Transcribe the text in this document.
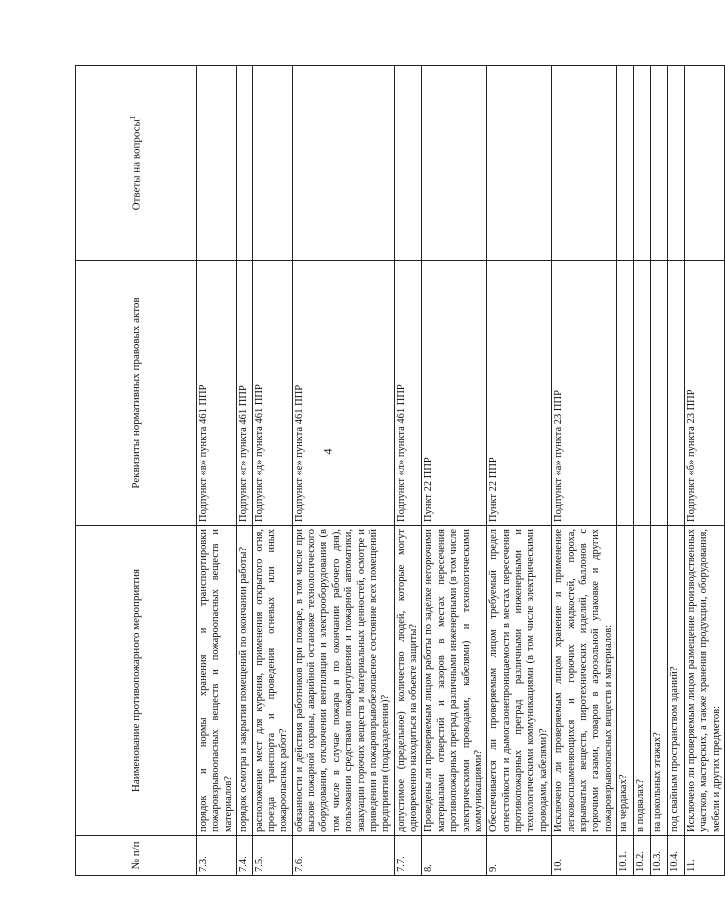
4
№ п/п	Наименование противопожарного мероприятия	Реквизиты нормативных правовых актов	Ответы на вопросы$^1$
7.3.	порядок и нормы хранения и транспортировки пожаровзрывоопасных веществ и пожароопасных веществ и материалов?	Подпункт «в» пункта 461 ППР	
7.4.	порядок осмотра и закрытия помещений по окончании работы?	Подпункт «г» пункта 461 ППР	
7.5.	расположение мест для курения, применения открытого огня, проезда транспорта и проведения огневых или иных пожароопасных работ?	Подпункт «д» пункта 461 ППР	
7.6.	обязанности и действия работников при пожаре, в том числе при вызове пожарной охраны, аварийной остановке технологического оборудования, отключении вентиляции и электрооборудования (в том числе в случае пожара и по окончании рабочего дня), пользовании средствами пожаротушения и пожарной автоматики, эвакуации горючих веществ и материальных ценностей, осмотре и приведении в пожаровзрывобезопасное состояние всех помещений предприятия (подразделения)?	Подпункт «е» пункта 461 ППР	
7.7.	допустимое (предельное) количество людей, которые могут одновременно находиться на объекте защиты?	Подпункт «л» пункта 461 ППР	
8.	Проведены ли проверяемым лицом работы по заделке негорючими материалами отверстий и зазоров в местах пересечения противопожарных преград различными инженерными (в том числе электрическими проводами, кабелями) и технологическими коммуникациями?	Пункт 22 ППР	
9.	Обеспечивается ли проверяемым лицом требуемый предел огнестойкости и дымогазонепроницаемости в местах пересечения противопожарных преград различными инженерными и технологическими коммуникациями (в том числе электрическими проводами, кабелями)?	Пункт 22 ППР	
10.	Исключено ли проверяемым лицом хранение и применение легковоспламеняющихся и горючих жидкостей, пороха, взрывчатых веществ, пиротехнических изделий, баллонов с горючими газами, товаров в аэрозольной упаковке и других пожаровзрывоопасных веществ и материалов:	Подпункт «а» пункта 23 ППР	
10.1.	на чердаках?		
10.2.	в подвалах?		
10.3.	на цокольных этажах?		
10.4.	под свайным пространством зданий?		
11.	Исключено ли проверяемым лицом размещение производственных участков, мастерских, а также хранения продукции, оборудования, мебели и других предметов:	Подпункт «б» пункта 23 ППР	
